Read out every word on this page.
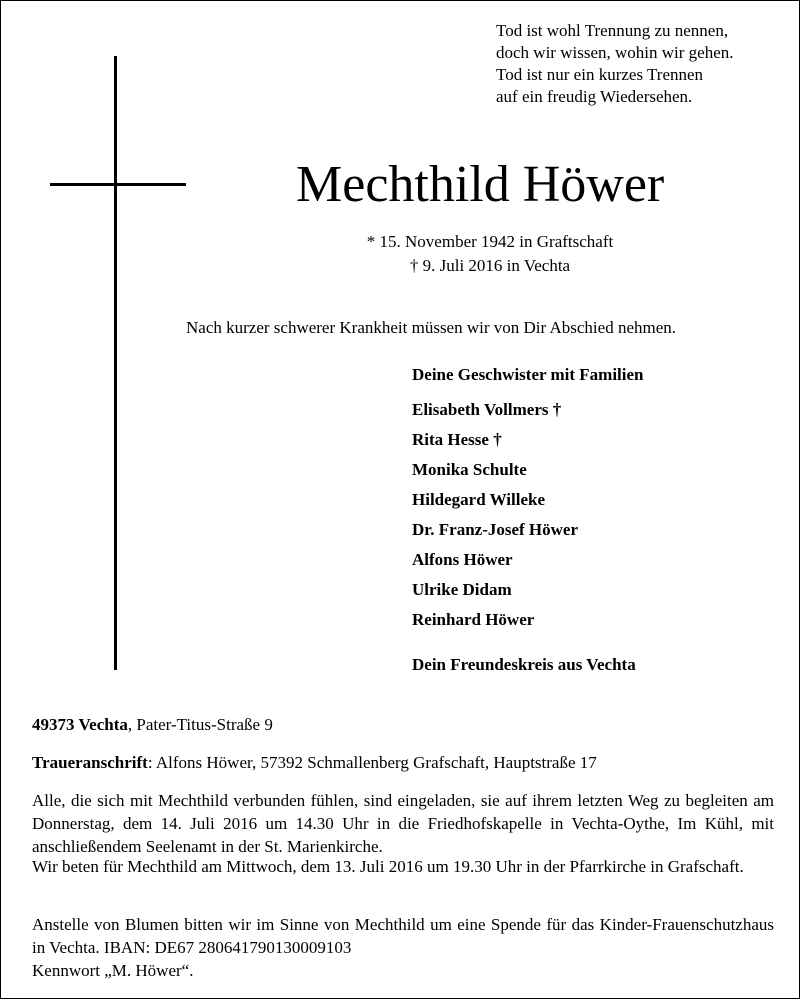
Tod ist wohl Trennung zu nennen,
doch wir wissen, wohin wir gehen.
Tod ist nur ein kurzes Trennen
auf ein freudig Wiedersehen.
Mechthild Höwer
* 15. November 1942 in Graftschaft
† 9. Juli 2016 in Vechta
Nach kurzer schwerer Krankheit müssen wir von Dir Abschied nehmen.
Deine Geschwister mit Familien
Elisabeth Vollmers †
Rita Hesse †
Monika Schulte
Hildegard Willeke
Dr. Franz-Josef Höwer
Alfons Höwer
Ulrike Didam
Reinhard Höwer
Dein Freundeskreis aus Vechta
49373 Vechta, Pater-Titus-Straße 9
Traueranschrift: Alfons Höwer, 57392 Schmallenberg Grafschaft, Hauptstraße 17
Alle, die sich mit Mechthild verbunden fühlen, sind eingeladen, sie auf ihrem letzten Weg zu begleiten am Donnerstag, dem 14. Juli 2016 um 14.30 Uhr in die Friedhofskapelle in Vechta-Oythe, Im Kühl, mit anschließendem Seelenamt in der St. Marienkirche.
Wir beten für Mechthild am Mittwoch, dem 13. Juli 2016 um 19.30 Uhr in der Pfarrkirche in Grafschaft.
Anstelle von Blumen bitten wir im Sinne von Mechthild um eine Spende für das Kinder-Frauenschutzhaus in Vechta. IBAN: DE67 280641790130009103
Kennwort „M. Höwer“.
